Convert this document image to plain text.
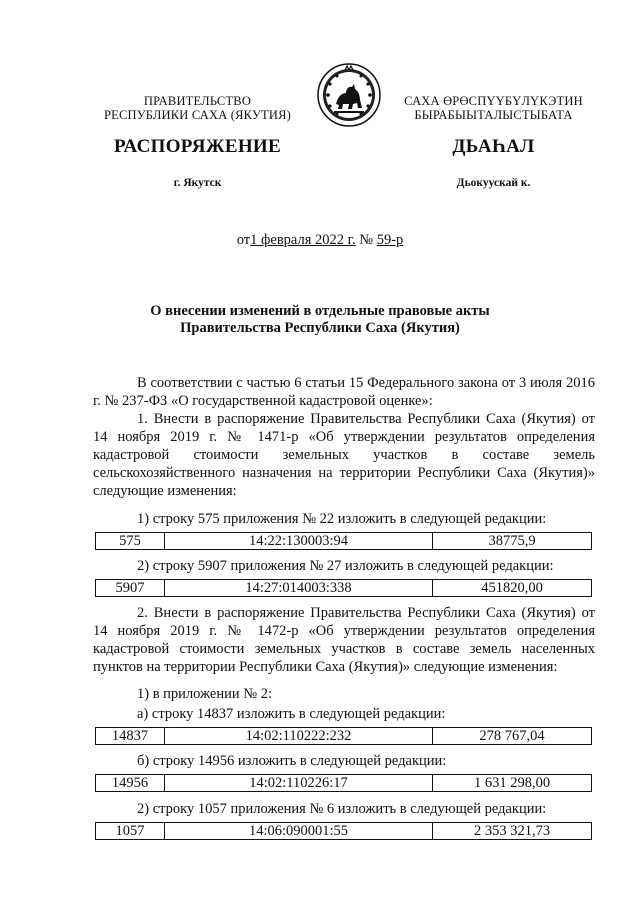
ПРАВИТЕЛЬСТВО
РЕСПУБЛИКИ САХА (ЯКУТИЯ)
САХА ӨРӨСПҮҮБҮЛҮКЭТИН
БЫРАБЫЫТАЛЫСТЫБАТА
РАСПОРЯЖЕНИЕ	ДЬАҺАЛ
г. Якутск	Дьокуускай к.
от1 февраля 2022 г. № 59-р
О внесении изменений в отдельные правовые акты
Правительства Республики Саха (Якутия)
В соответствии с частью 6 статьи 15 Федерального закона от 3 июля 2016 г. № 237-ФЗ «О государственной кадастровой оценке»:
1. Внести в распоряжение Правительства Республики Саха (Якутия) от 14 ноября 2019 г. № 1471-р «Об утверждении результатов определения кадастровой стоимости земельных участков в составе земель сельскохозяйственного назначения на территории Республики Саха (Якутия)» следующие изменения:
1) строку 575 приложения № 22 изложить в следующей редакции:
575	14:22:130003:94	38775,9
2) строку 5907 приложения № 27 изложить в следующей редакции:
5907	14:27:014003:338	451820,00
2. Внести в распоряжение Правительства Республики Саха (Якутия) от 14 ноября 2019 г. № 1472-р «Об утверждении результатов определения кадастровой стоимости земельных участков в составе земель населенных пунктов на территории Республики Саха (Якутия)» следующие изменения:
1) в приложении № 2:
а) строку 14837 изложить в следующей редакции:
14837	14:02:110222:232	278 767,04
б) строку 14956 изложить в следующей редакции:
14956	14:02:110226:17	1 631 298,00
2) строку 1057 приложения № 6 изложить в следующей редакции:
1057	14:06:090001:55	2 353 321,73
